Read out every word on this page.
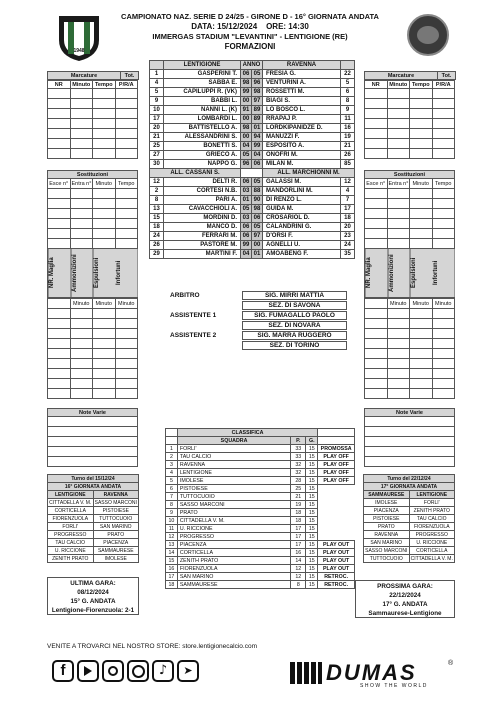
1948
CAMPIONATO NAZ. SERIE D 24/25 - GIRONE D - 16° GIORNATA ANDATA
DATA: 15/12/2024    ORE: 14:30
IMMERGAS STADIUM "LEVANTINI" - LENTIGIONE (RE)
FORMAZIONI
Marcature	Tot.
NR	Minuto	Tempo	P/R/A

Sostituzioni			
Esce n°	Entra n°	Minuto	Tempo

NR. Maglia	Ammonizioni	Espulsioni	Infortuni
	Minuto	Minuto	Minuto

Note Varie

Marcature	Tot.
NR	Minuto	Tempo	P/R/A

Sostituzioni			
Esce n°	Entra n°	Minuto	Tempo

NR. Maglia	Ammonizioni	Espulsioni	Infortuni
	Minuto	Minuto	Minuto

Note Varie

	LENTIGIONE	ANNO		RAVENNA	
1	GASPERINI T.	06	05	FRESIA G.	22
4	SABBA E.	98	96	VENTURINI A.	5
5	CAPILUPPI R. (VK)	99	98	ROSSETTI M.	6
9	BABBI L.	00	97	BIAGI S.	8
10	NANNI L. (K)	91	89	LO BOSCO L.	9
17	LOMBARDI L.	00	89	RRAPAJ P.	11
20	BATTISTELLO A.	98	01	LORDKIPANIDZE D.	16
21	ALESSANDRINI S.	00	94	MANUZZI F.	19
25	BONETTI S.	04	99	ESPOSITO A.	21
27	GRIECO A.	05	04	ONOFRI M.	26
30	NAPPO G.	96	06	MILAN M.	85
ALL. CASSANI S.				ALL. MARCHIONNI M.	
12	DELTI R.	06	05	GALASSI M.	12
2	CORTESI N.B.	03	88	MANDORLINI M.	4
8	PARI A.	01	90	DI RENZO L.	7
13	CAVACCHIOLI A.	05	98	GUIDA M.	17
15	MORDINI D.	03	06	CROSARIOL D.	18
18	MANCO D.	06	05	CALANDRINI G.	20
24	FERRARI M.	06	97	D'ORSI F.	23
26	PASTORE M.	99	00	AGNELLI U.	24
29	MARTINI F.	04	01	AMOABENG F.	35
ARBITRO	SIG. MIRRI MATTIA
SEZ. DI SAVONA
ASSISTENTE 1	SIG. FUMAGALLO PAOLO
SEZ. DI NOVARA
ASSISTENTE 2	SIG. MARRA RUGGERO
SEZ. DI TORINO
	CLASSIFICA			
	SQUADRA	P.	G.	
1	FORLI'	33	15	PROMOSSA
2	TAU CALCIO	33	15	PLAY OFF
3	RAVENNA	32	15	PLAY OFF
4	LENTIGIONE	32	15	PLAY OFF
5	IMOLESE	28	15	PLAY OFF
6	PISTOIESE	25	15	
7	TUTTOCUOIO	21	15	
8	SASSO MARCONI	19	15	
9	PRATO	18	15	
10	CITTADELLA V. M.	18	15	
11	U. RICCIONE	17	15	
12	PROGRESSO	17	15	
13	PIACENZA	17	15	PLAY OUT
14	CORTICELLA	16	15	PLAY OUT
15	ZENITH PRATO	14	15	PLAY OUT
16	FIORENZUOLA	12	15	PLAY OUT
17	SAN MARINO	12	15	RETROC.
18	SAMMAURESE	8	15	RETROC.
Turno del 15/12/24	
16° GIORNATA ANDATA	
LENTIGIONE	RAVENNA
CITTADELLA V. M.	SASSO MARCONI
CORTICELLA	PISTOIESE
FIORENZUOLA	TUTTOCUOIO
FORLI'	SAN MARINO
PROGRESSO	PRATO
TAU CALCIO	PIACENZA
U. RICCIONE	SAMMAURESE
ZENITH PRATO	IMOLESE
Turno del 22/12/24	
17° GIORNATA ANDATA	
SAMMAURESE	LENTIGIONE
IMOLESE	FORLI'
PIACENZA	ZENITH PRATO
PISTOIESE	TAU CALCIO
PRATO	FIORENZUOLA
RAVENNA	PROGRESSO
SAN MARINO	U. RICCIONE
SASSO MARCONI	CORTICELLA
TUTTOCUOIO	CITTADELLA V. M.
ULTIMA GARA:
08/12/2024
15° G. ANDATA
Lentigione-Fiorenzuola: 2-1
PROSSIMA GARA:
22/12/2024
17° G. ANDATA
Sammaurese-Lentigione
VENITE A TROVARCI NEL NOSTRO STORE: store.lentigionecalcio.com
f	♪	➤	DUMAS	®
SHOW THE WORLD
